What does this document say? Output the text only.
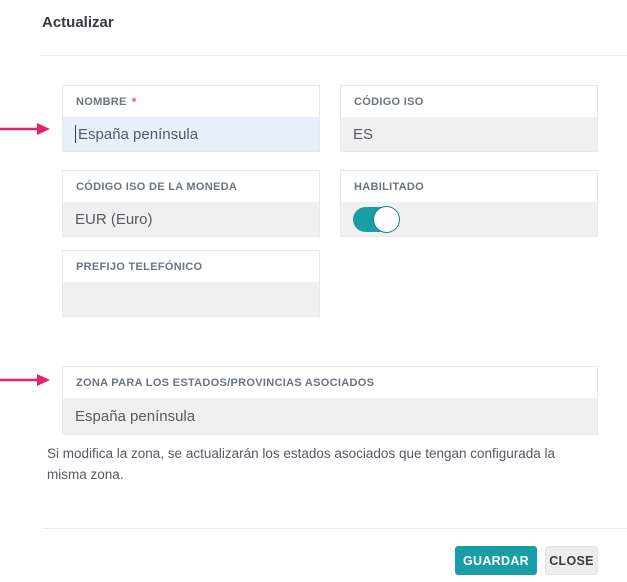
Actualizar
NOMBRE *
España península
CÓDIGO ISO
ES
CÓDIGO ISO DE LA MONEDA
EUR (Euro)
HABILITADO
PREFIJO TELEFÓNICO
ZONA PARA LOS ESTADOS/PROVINCIAS ASOCIADOS
España península
Si modifica la zona, se actualizarán los estados asociados que tengan configurada la misma zona.
GUARDAR	CLOSE
